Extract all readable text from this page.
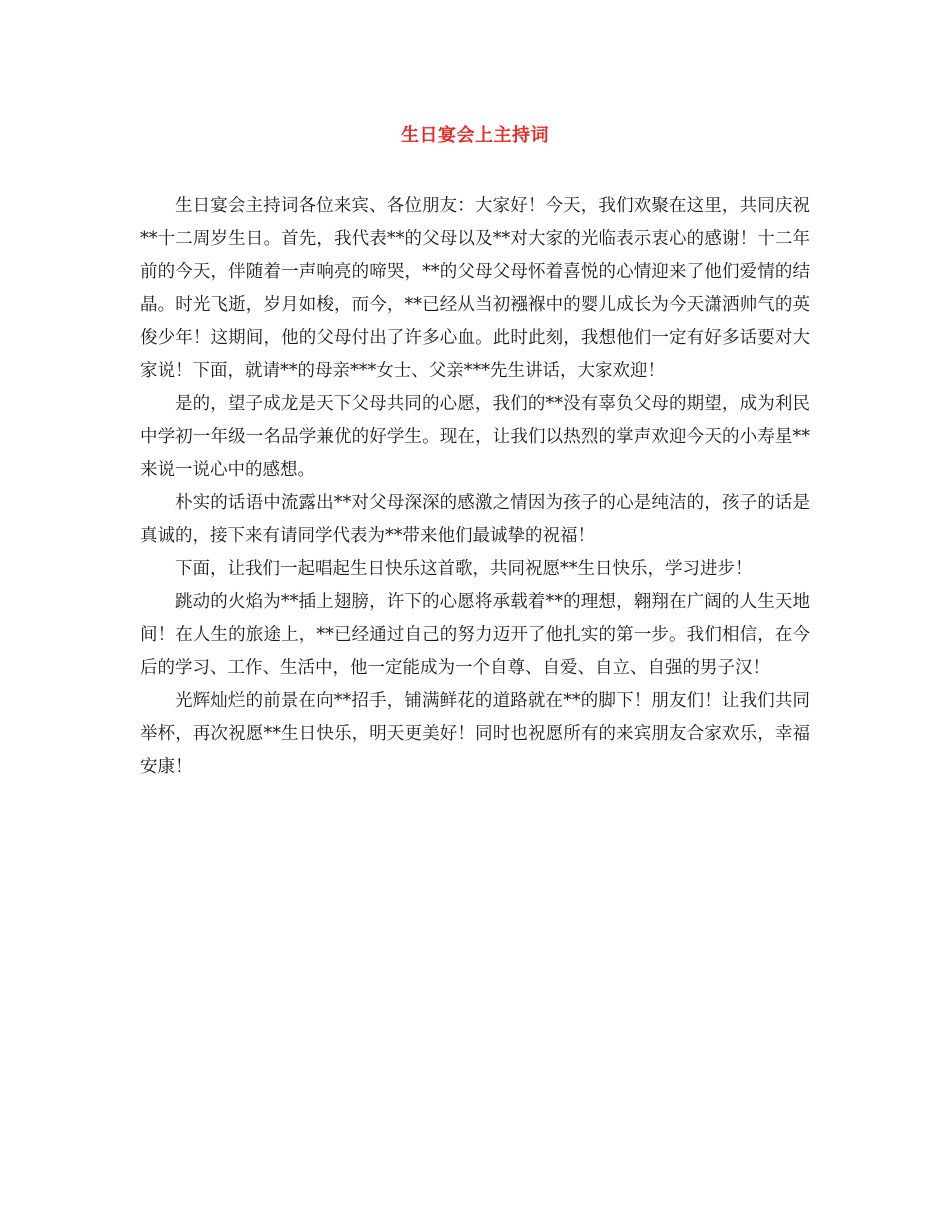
生日宴会上主持词

生日宴会主持词各位来宾、各位朋友：大家好！今天，我们欢聚在这里，共同庆祝**十二周岁生日。首先，我代表**的父母以及**对大家的光临表示衷心的感谢！十二年前的今天，伴随着一声响亮的啼哭，**的父母父母怀着喜悦的心情迎来了他们爱情的结晶。时光飞逝，岁月如梭，而今，**已经从当初襁褓中的婴儿成长为今天潇洒帅气的英俊少年！这期间，他的父母付出了许多心血。此时此刻，我想他们一定有好多话要对大家说！下面，就请**的母亲***女士、父亲***先生讲话，大家欢迎！

是的，望子成龙是天下父母共同的心愿，我们的**没有辜负父母的期望，成为利民中学初一年级一名品学兼优的好学生。现在，让我们以热烈的掌声欢迎今天的小寿星**来说一说心中的感想。

朴实的话语中流露出**对父母深深的感激之情因为孩子的心是纯洁的，孩子的话是真诚的，接下来有请同学代表为**带来他们最诚挚的祝福！

下面，让我们一起唱起生日快乐这首歌，共同祝愿**生日快乐，学习进步！

跳动的火焰为**插上翅膀，许下的心愿将承载着**的理想，翱翔在广阔的人生天地间！在人生的旅途上，**已经通过自己的努力迈开了他扎实的第一步。我们相信，在今后的学习、工作、生活中，他一定能成为一个自尊、自爱、自立、自强的男子汉！

光辉灿烂的前景在向**招手，铺满鲜花的道路就在**的脚下！朋友们！让我们共同举杯，再次祝愿**生日快乐，明天更美好！同时也祝愿所有的来宾朋友合家欢乐，幸福安康！
